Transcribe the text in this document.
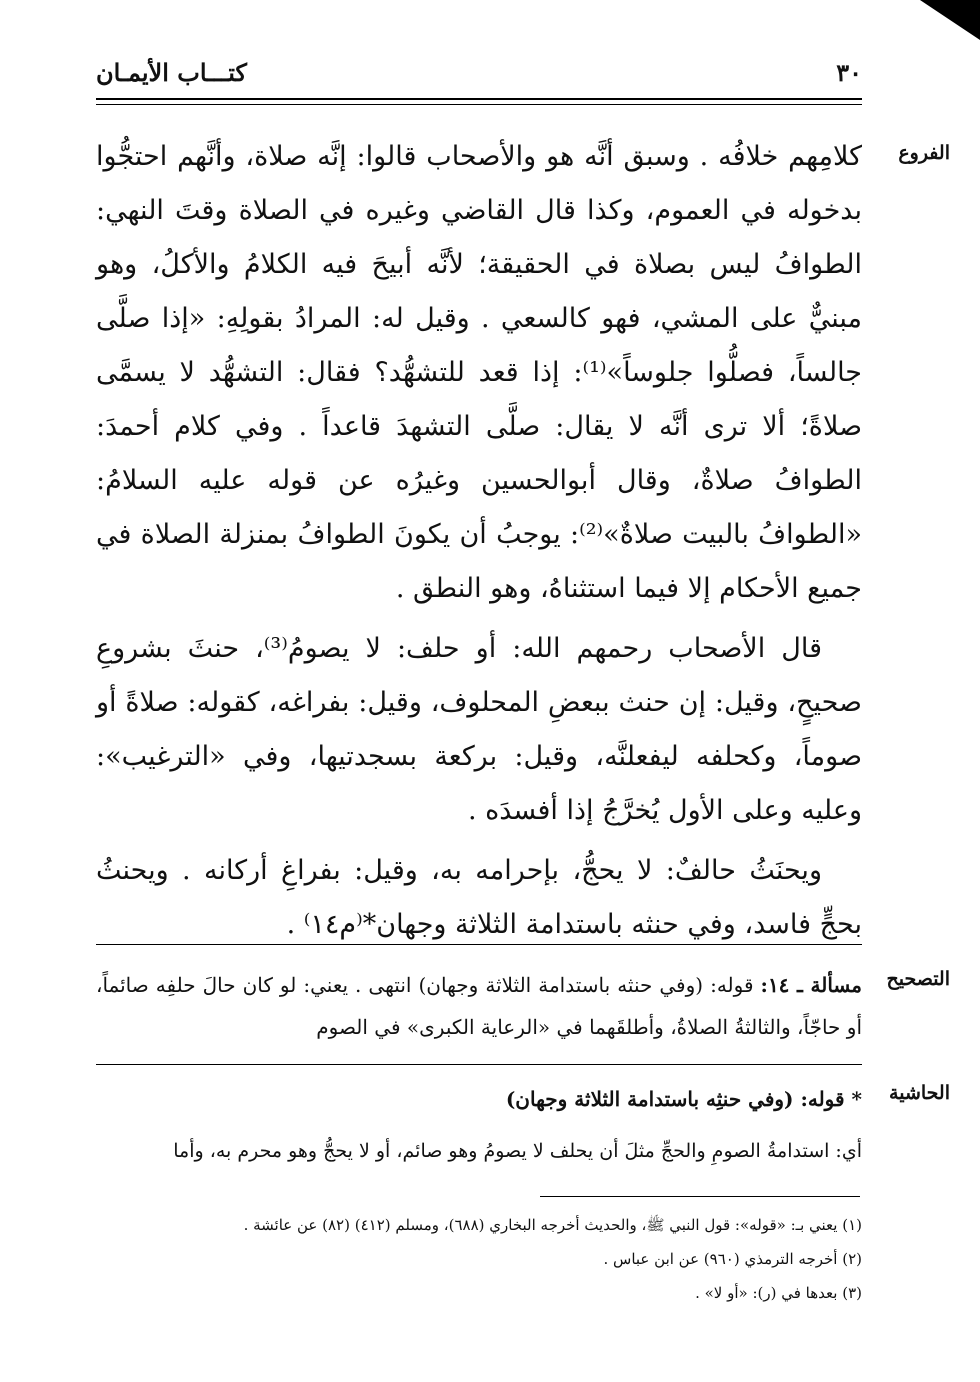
كتـــاب الأيمـان	٣٠
الفروع

كلامِهم خلافُه . وسبق أنَّه هو والأصحاب قالوا: إنَّه صلاة، وأنَّهم احتجُّوا بدخوله في العموم، وكذا قال القاضي وغيره في الصلاة وقتَ النهي: الطوافُ ليس بصلاة في الحقيقة؛ لأنَّه أبيحَ فيه الكلامُ والأكلُ، وهو مبنيٌّ على المشي، فهو كالسعي . وقيل له: المرادُ بقولِهِ: «إذا صلَّى جالساً، فصلُّوا جلوساً»⁽¹⁾: إذا قعد للتشهُّد؟ فقال: التشهُّد لا يسمَّى صلاةً؛ ألا ترى أنَّه لا يقال: صلَّى التشهدَ قاعداً . وفي كلام أحمدَ: الطوافُ صلاةٌ، وقال أبوالحسين وغيرُه عن قوله عليه السلامُ: «الطوافُ بالبيت صلاةٌ»⁽²⁾: يوجبُ أن يكونَ الطوافُ بمنزلة الصلاة في جميع الأحكام إلا فيما استثناهُ، وهو النطق .

قال الأصحاب رحمهم الله: أو حلف: لا يصومُ⁽³⁾، حنثَ بشروعِ صحيحٍ، وقيل: إن حنث ببعضِ المحلوف، وقيل: بفراغه، كقوله: صلاةً أو صوماً، وكحلفه ليفعلنَّه، وقيل: بركعة بسجدتيها، وفي «الترغيب»: وعليه وعلى الأول يُخرَّجُ إذا أفسدَه .

ويحنَثُ حالفٌ: لا يحجُّ، بإحرامه به، وقيل: بفراغِ أركانه . ويحنثُ بحجٍّ فاسد، وفي حنثه باستدامة الثلاثة وجهان*⁽م١٤⁾ .

التصحيح
مسألة ـ ١٤: قوله: (وفي حنثه باستدامة الثلاثة وجهان) انتهى . يعني: لو كان حالَ حلفِه صائماً، أو حاجّاً، والثالثةُ الصلاةُ، وأطلقَهما في «الرعاية الكبرى» في الصوم
الحاشية
* قوله: (وفي حنثِه باستدامة الثلاثة وجهان)
أي: استدامةُ الصومِ والحجِّ مثلَ أن يحلف لا يصومُ وهو صائم، أو لا يحجُّ وهو محرم به، وأما
(١) يعني بـ: «قوله»: قول النبي ﷺ، والحديث أخرجه البخاري (٦٨٨)، ومسلم (٤١٢) (٨٢) عن عائشة .
(٢) أخرجه الترمذي (٩٦٠) عن ابن عباس .
(٣) بعدها في (ر): «أو لا» .
